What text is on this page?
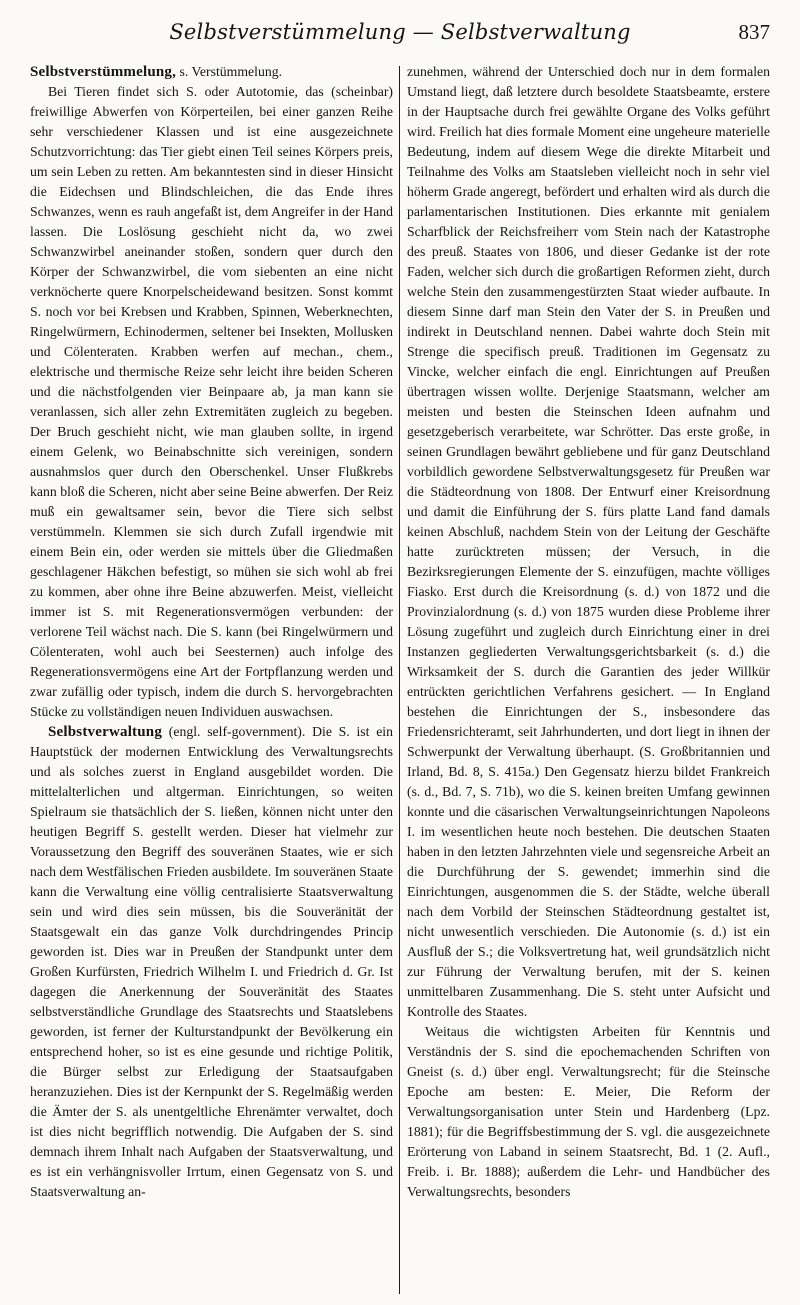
Selbstverstümmelung — Selbstverwaltung	837

Selbstverstümmelung, s. Verstümmelung.

Bei Tieren findet sich S. oder Autotomie, das (scheinbar) freiwillige Abwerfen von Körperteilen, bei einer ganzen Reihe sehr verschiedener Klassen und ist eine ausgezeichnete Schutzvorrichtung: das Tier giebt einen Teil seines Körpers preis, um sein Leben zu retten. Am bekanntesten sind in dieser Hinsicht die Eidechsen und Blindschleichen, die das Ende ihres Schwanzes, wenn es rauh angefaßt ist, dem Angreifer in der Hand lassen. Die Loslösung geschieht nicht da, wo zwei Schwanzwirbel aneinander stoßen, sondern quer durch den Körper der Schwanzwirbel, die vom siebenten an eine nicht verknöcherte quere Knorpelscheidewand besitzen. Sonst kommt S. noch vor bei Krebsen und Krabben, Spinnen, Weberknechten, Ringelwürmern, Echinodermen, seltener bei Insekten, Mollusken und Cölenteraten. Krabben werfen auf mechan., chem., elektrische und thermische Reize sehr leicht ihre beiden Scheren und die nächstfolgenden vier Beinpaare ab, ja man kann sie veranlassen, sich aller zehn Extremitäten zugleich zu begeben. Der Bruch geschieht nicht, wie man glauben sollte, in irgend einem Gelenk, wo Beinabschnitte sich vereinigen, sondern ausnahmslos quer durch den Oberschenkel. Unser Flußkrebs kann bloß die Scheren, nicht aber seine Beine abwerfen. Der Reiz muß ein gewaltsamer sein, bevor die Tiere sich selbst verstümmeln. Klemmen sie sich durch Zufall irgendwie mit einem Bein ein, oder werden sie mittels über die Gliedmaßen geschlagener Häkchen befestigt, so mühen sie sich wohl ab frei zu kommen, aber ohne ihre Beine abzuwerfen. Meist, vielleicht immer ist S. mit Regenerationsvermögen verbunden: der verlorene Teil wächst nach. Die S. kann (bei Ringelwürmern und Cölenteraten, wohl auch bei Seesternen) auch infolge des Regenerationsvermögens eine Art der Fortpflanzung werden und zwar zufällig oder typisch, indem die durch S. hervorgebrachten Stücke zu vollständigen neuen Individuen auswachsen.

Selbstverwaltung (engl. self-government). Die S. ist ein Hauptstück der modernen Entwicklung des Verwaltungsrechts und als solches zuerst in England ausgebildet worden. Die mittelalterlichen und altgerman. Einrichtungen, so weiten Spielraum sie thatsächlich der S. ließen, können nicht unter den heutigen Begriff S. gestellt werden. Dieser hat vielmehr zur Voraussetzung den Begriff des souveränen Staates, wie er sich nach dem Westfälischen Frieden ausbildete. Im souveränen Staate kann die Verwaltung eine völlig centralisierte Staatsverwaltung sein und wird dies sein müssen, bis die Souveränität der Staatsgewalt ein das ganze Volk durchdringendes Princip geworden ist. Dies war in Preußen der Standpunkt unter dem Großen Kurfürsten, Friedrich Wilhelm I. und Friedrich d. Gr. Ist dagegen die Anerkennung der Souveränität des Staates selbstverständliche Grundlage des Staatsrechts und Staatslebens geworden, ist ferner der Kulturstandpunkt der Bevölkerung ein entsprechend hoher, so ist es eine gesunde und richtige Politik, die Bürger selbst zur Erledigung der Staatsaufgaben heranzuziehen. Dies ist der Kernpunkt der S. Regelmäßig werden die Ämter der S. als unentgeltliche Ehrenämter verwaltet, doch ist dies nicht begrifflich notwendig. Die Aufgaben der S. sind demnach ihrem Inhalt nach Aufgaben der Staatsverwaltung, und es ist ein verhängnisvoller Irrtum, einen Gegensatz von S. und Staatsverwaltung an-

zunehmen, während der Unterschied doch nur in dem formalen Umstand liegt, daß letztere durch besoldete Staatsbeamte, erstere in der Hauptsache durch frei gewählte Organe des Volks geführt wird. Freilich hat dies formale Moment eine ungeheure materielle Bedeutung, indem auf diesem Wege die direkte Mitarbeit und Teilnahme des Volks am Staatsleben vielleicht noch in sehr viel höherm Grade angeregt, befördert und erhalten wird als durch die parlamentarischen Institutionen. Dies erkannte mit genialem Scharfblick der Reichsfreiherr vom Stein nach der Katastrophe des preuß. Staates von 1806, und dieser Gedanke ist der rote Faden, welcher sich durch die großartigen Reformen zieht, durch welche Stein den zusammengestürzten Staat wieder aufbaute. In diesem Sinne darf man Stein den Vater der S. in Preußen und indirekt in Deutschland nennen. Dabei wahrte doch Stein mit Strenge die specifisch preuß. Traditionen im Gegensatz zu Vincke, welcher einfach die engl. Einrichtungen auf Preußen übertragen wissen wollte. Derjenige Staatsmann, welcher am meisten und besten die Steinschen Ideen aufnahm und gesetzgeberisch verarbeitete, war Schrötter. Das erste große, in seinen Grundlagen bewährt gebliebene und für ganz Deutschland vorbildlich gewordene Selbstverwaltungsgesetz für Preußen war die Städteordnung von 1808. Der Entwurf einer Kreisordnung und damit die Einführung der S. fürs platte Land fand damals keinen Abschluß, nachdem Stein von der Leitung der Geschäfte hatte zurücktreten müssen; der Versuch, in die Bezirksregierungen Elemente der S. einzufügen, machte völliges Fiasko. Erst durch die Kreisordnung (s. d.) von 1872 und die Provinzialordnung (s. d.) von 1875 wurden diese Probleme ihrer Lösung zugeführt und zugleich durch Einrichtung einer in drei Instanzen gegliederten Verwaltungsgerichtsbarkeit (s. d.) die Wirksamkeit der S. durch die Garantien des jeder Willkür entrückten gerichtlichen Verfahrens gesichert. — In England bestehen die Einrichtungen der S., insbesondere das Friedensrichteramt, seit Jahrhunderten, und dort liegt in ihnen der Schwerpunkt der Verwaltung überhaupt. (S. Großbritannien und Irland, Bd. 8, S. 415a.) Den Gegensatz hierzu bildet Frankreich (s. d., Bd. 7, S. 71b), wo die S. keinen breiten Umfang gewinnen konnte und die cäsarischen Verwaltungseinrichtungen Napoleons I. im wesentlichen heute noch bestehen. Die deutschen Staaten haben in den letzten Jahrzehnten viele und segensreiche Arbeit an die Durchführung der S. gewendet; immerhin sind die Einrichtungen, ausgenommen die S. der Städte, welche überall nach dem Vorbild der Steinschen Städteordnung gestaltet ist, nicht unwesentlich verschieden. Die Autonomie (s. d.) ist ein Ausfluß der S.; die Volksvertretung hat, weil grundsätzlich nicht zur Führung der Verwaltung berufen, mit der S. keinen unmittelbaren Zusammenhang. Die S. steht unter Aufsicht und Kontrolle des Staates.

Weitaus die wichtigsten Arbeiten für Kenntnis und Verständnis der S. sind die epochemachenden Schriften von Gneist (s. d.) über engl. Verwaltungsrecht; für die Steinsche Epoche am besten: E. Meier, Die Reform der Verwaltungsorganisation unter Stein und Hardenberg (Lpz. 1881); für die Begriffsbestimmung der S. vgl. die ausgezeichnete Erörterung von Laband in seinem Staatsrecht, Bd. 1 (2. Aufl., Freib. i. Br. 1888); außerdem die Lehr- und Handbücher des Verwaltungsrechts, besonders
